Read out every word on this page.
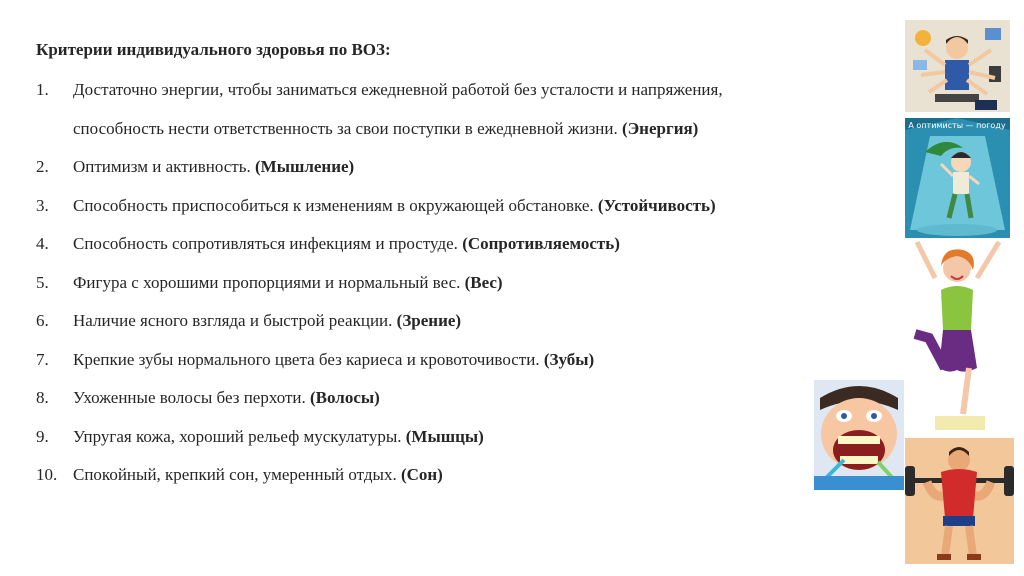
Критерии индивидуального здоровья по ВОЗ:
1.	Достаточно энергии, чтобы заниматься ежедневной работой без усталости и напряжения,
способность нести ответственность за свои поступки в ежедневной жизни. (Энергия)
2.	Оптимизм и активность. (Мышление)
3.	Способность приспособиться к изменениям в окружающей обстановке. (Устойчивость)
4.	Способность сопротивляться инфекциям и простуде. (Сопротивляемость)
5.	Фигура с хорошими пропорциями и нормальный вес. (Вес)
6.	Наличие ясного взгляда и быстрой реакции. (Зрение)
7.	Крепкие зубы нормального цвета без кариеса и кровоточивости. (Зубы)
8.	Ухоженные волосы без перхоти. (Волосы)
9.	Упругая кожа, хороший рельеф мускулатуры. (Мышцы)
10. Спокойный, крепкий сон, умеренный отдых. (Сон)
А оптимисты — погоду
